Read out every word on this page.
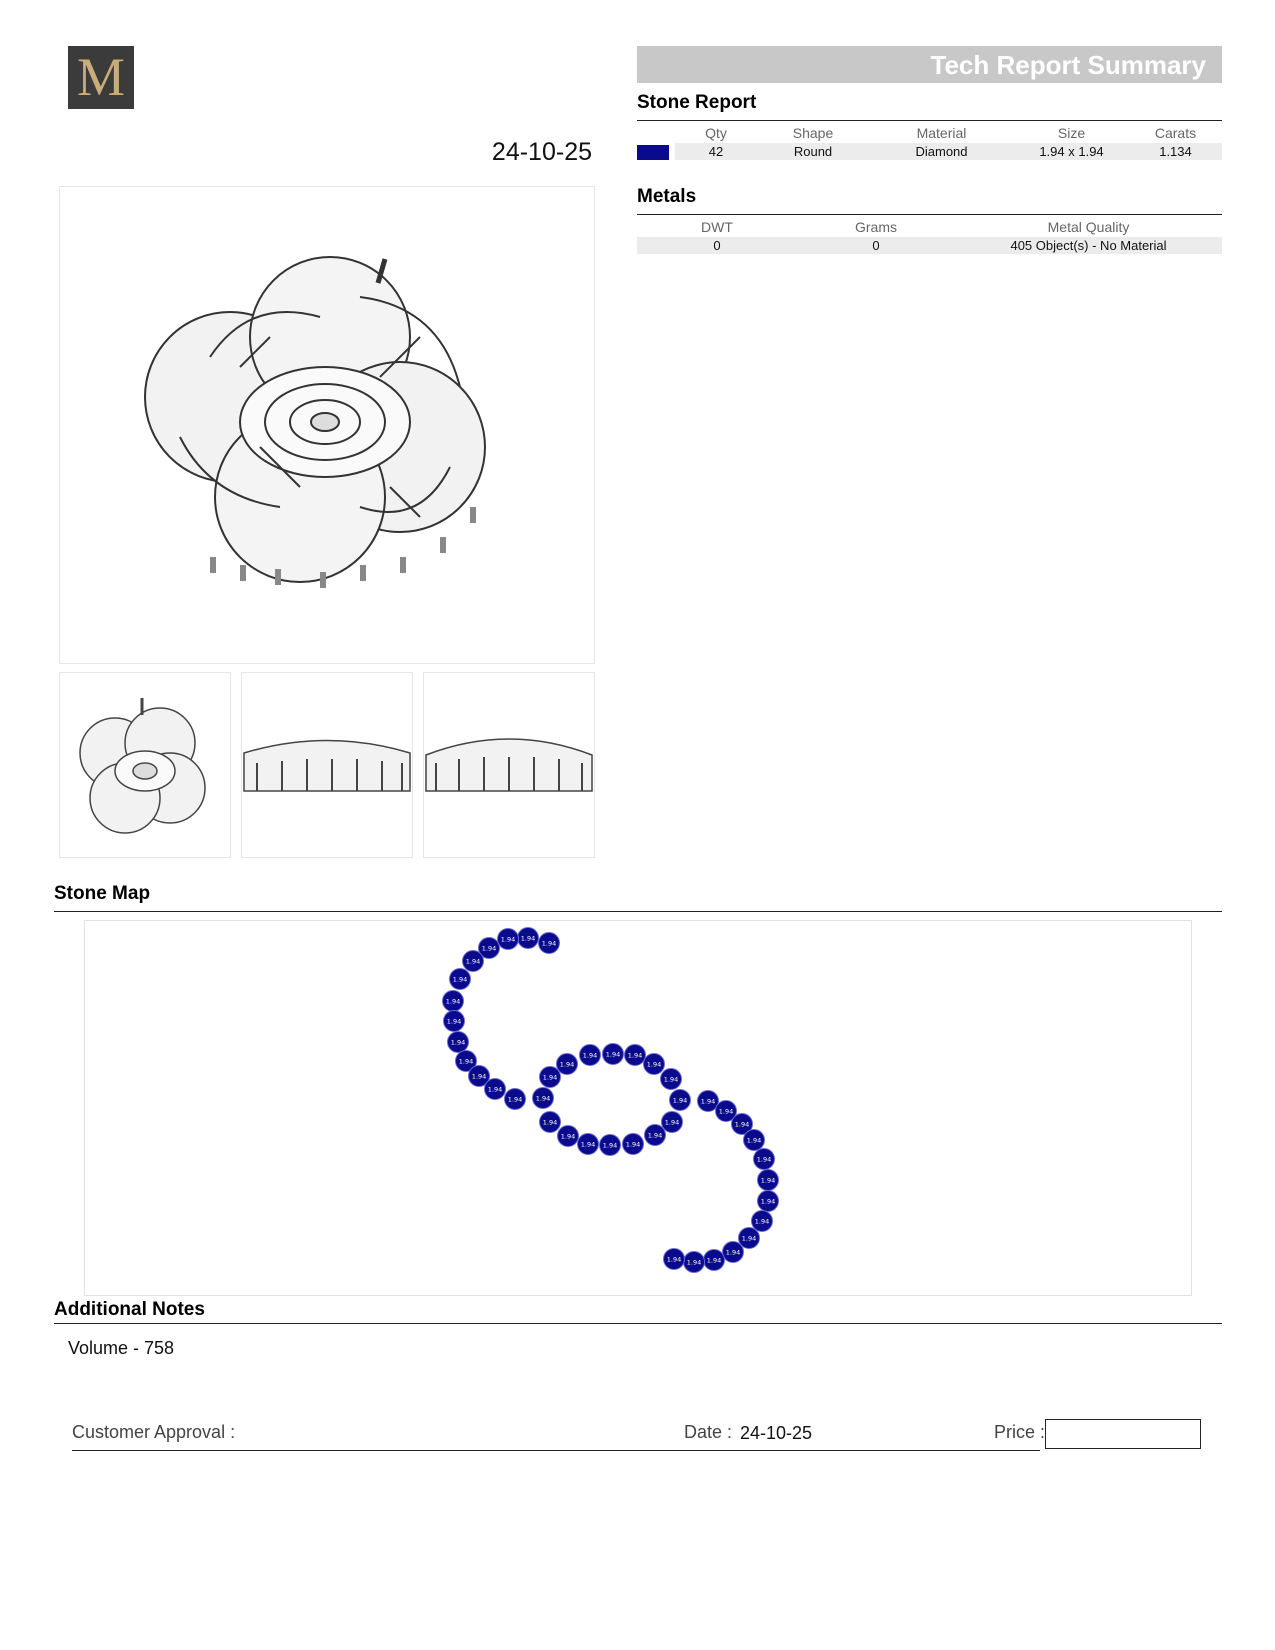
M
24-10-25
Tech Report Summary
Stone Report
	Qty	Shape	Material	Size	Carats
	42	Round	Diamond	1.94 x 1.94	1.134
Metals
DWT	Grams	Metal Quality
0	0	405 Object(s) - No Material
Stone Map
1.94
1.94
1.94
1.94
1.94
1.94
1.94
1.94
1.94
1.94
1.94
1.94
1.94 1.94
1.94
1.94
1.94 1.94 1.94
1.94
1.94
1.94
1.94
1.94
1.94
1.94
1.94
1.94
1.94
1.94
1.94
1.94
1.94
1.94
1.94
1.94
1.94
1.94
1.94
1.94
1.94
1.94
Additional Notes
Volume - 758
Customer Approval :	Date : 24-10-25	Price :
